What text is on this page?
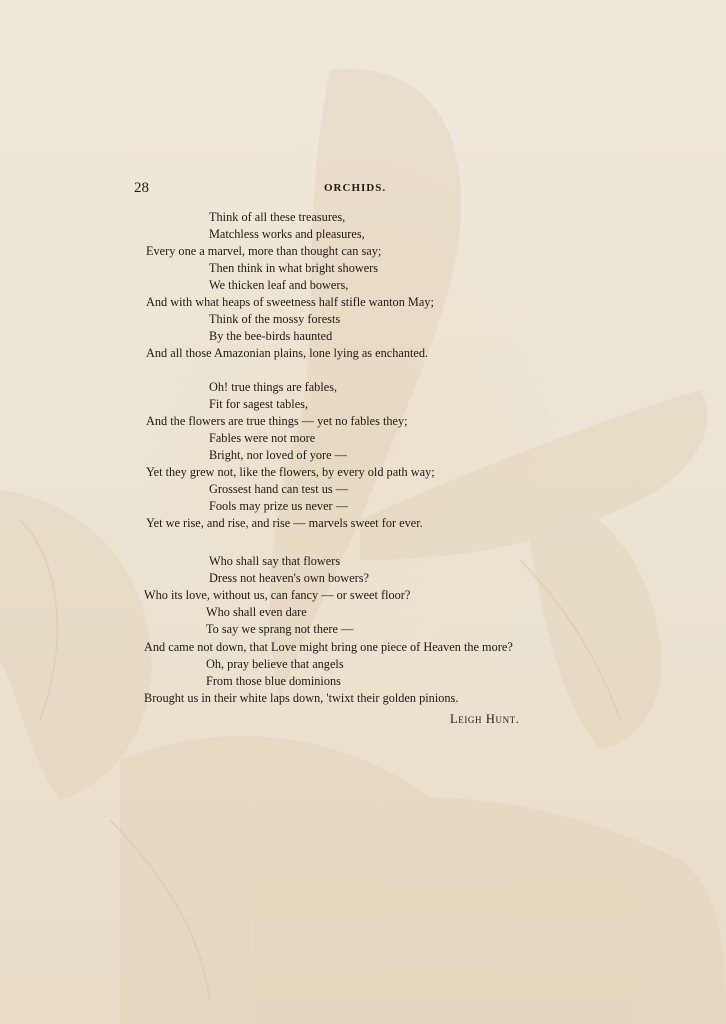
28	ORCHIDS.
Think of all these treasures,
Matchless works and pleasures,
Every one a marvel, more than thought can say;
Then think in what bright showers
We thicken leaf and bowers,
And with what heaps of sweetness half stifle wanton May;
Think of the mossy forests
By the bee-birds haunted
And all those Amazonian plains, lone lying as enchanted.
Oh! true things are fables,
Fit for sagest tables,
And the flowers are true things — yet no fables they;
Fables were not more
Bright, nor loved of yore —
Yet they grew not, like the flowers, by every old path way;
Grossest hand can test us —
Fools may prize us never —
Yet we rise, and rise, and rise — marvels sweet for ever.
Who shall say that flowers
Dress not heaven's own bowers?
Who its love, without us, can fancy — or sweet floor?
Who shall even dare
To say we sprang not there —
And came not down, that Love might bring one piece of Heaven the more?
Oh, pray believe that angels
From those blue dominions
Brought us in their white laps down, 'twixt their golden pinions.
Leigh Hunt.
